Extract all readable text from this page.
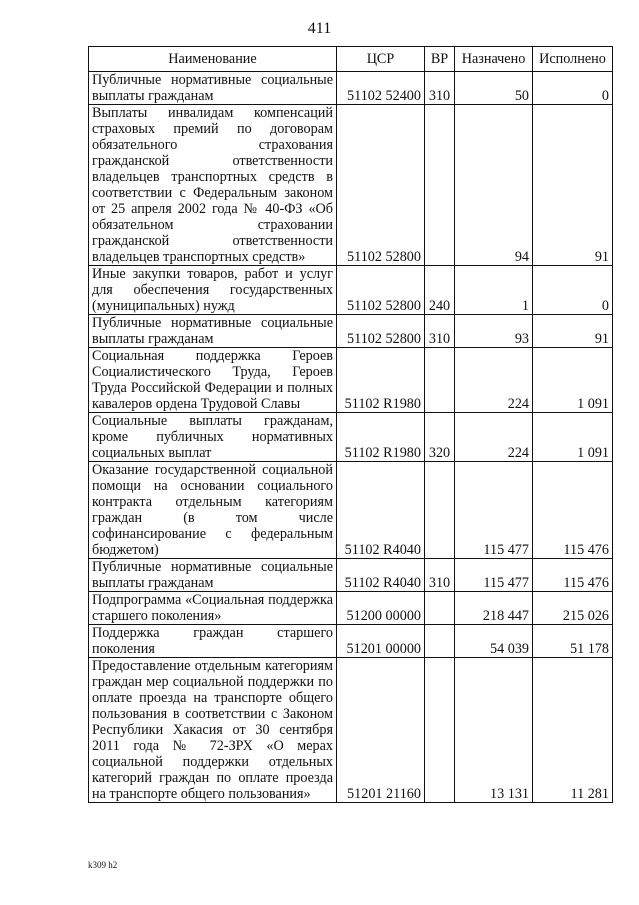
411
Наименование	ЦСР	ВР	Назначено	Исполнено
Публичные нормативные социальные выплаты гражданам	51102 52400	310	50	0
Выплаты инвалидам компенсаций страховых премий по договорам обязательного страхования гражданской ответственности владельцев транспортных средств в соответствии с Федеральным законом от 25 апреля 2002 года № 40-ФЗ «Об обязательном страховании гражданской ответственности владельцев транспортных средств»	51102 52800		94	91
Иные закупки товаров, работ и услуг для обеспечения государственных (муниципальных) нужд	51102 52800	240	1	0
Публичные нормативные социальные выплаты гражданам	51102 52800	310	93	91
Социальная поддержка Героев Социалистического Труда, Героев Труда Российской Федерации и полных кавалеров ордена Трудовой Славы	51102 R1980		224	1 091
Социальные выплаты гражданам, кроме публичных нормативных социальных выплат	51102 R1980	320	224	1 091
Оказание государственной социальной помощи на основании социального контракта отдельным категориям граждан (в том числе софинансирование с федеральным бюджетом)	51102 R4040		115 477	115 476
Публичные нормативные социальные выплаты гражданам	51102 R4040	310	115 477	115 476
Подпрограмма «Социальная поддержка старшего поколения»	51200 00000		218 447	215 026
Поддержка граждан старшего поколения	51201 00000		54 039	51 178
Предоставление отдельным категориям граждан мер социальной поддержки по оплате проезда на транспорте общего пользования в соответствии с Законом Республики Хакасия от 30 сентября 2011 года № 72-ЗРХ «О мерах социальной поддержки отдельных категорий граждан по оплате проезда на транспорте общего пользования»	51201 21160		13 131	11 281
k309 h2
